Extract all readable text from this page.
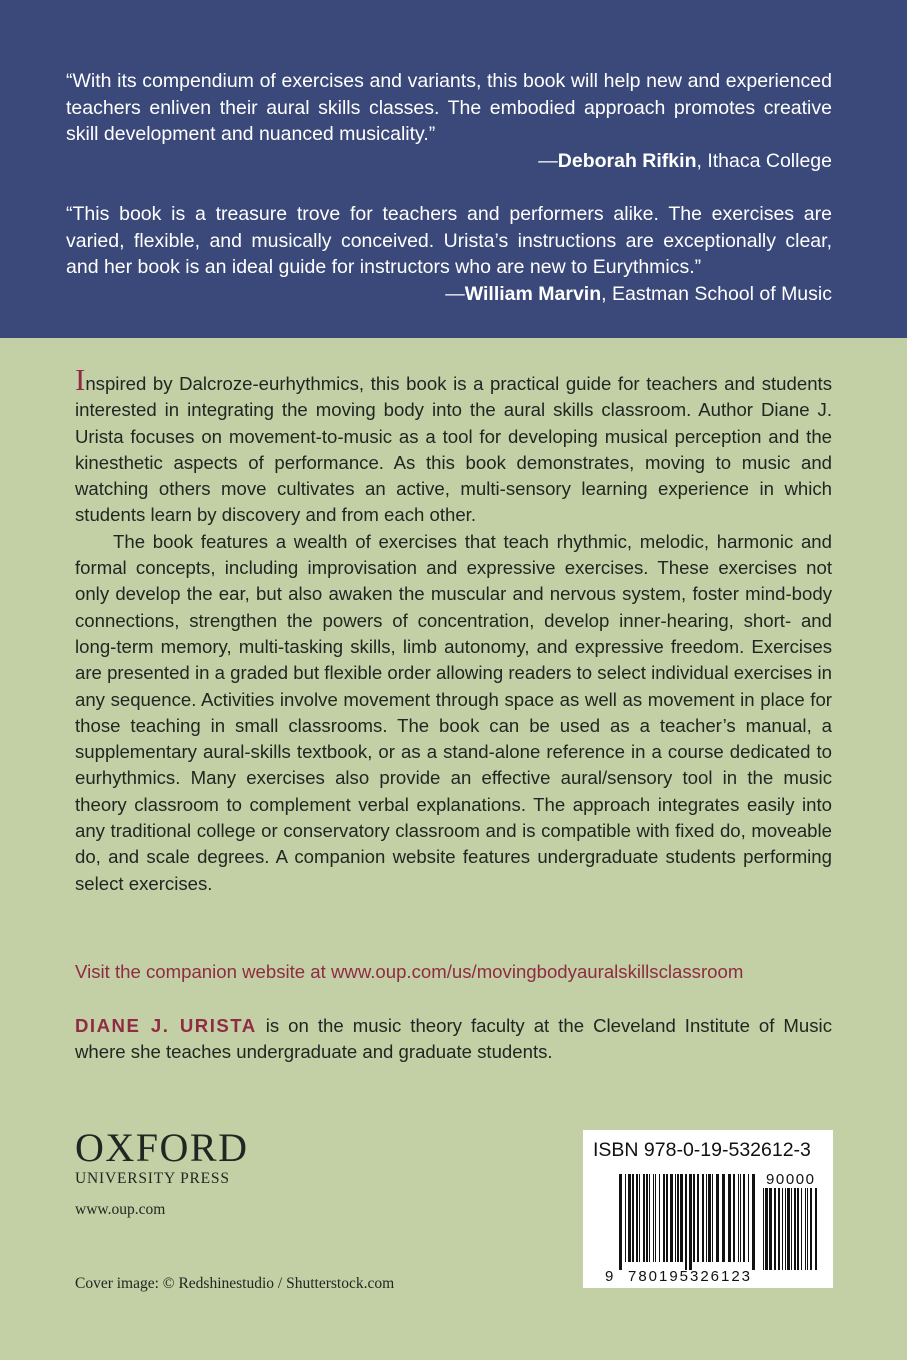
“With its compendium of exercises and variants, this book will help new and experienced teachers enliven their aural skills classes. The embodied approach promotes creative skill development and nuanced musicality.”

—Deborah Rifkin, Ithaca College

“This book is a treasure trove for teachers and performers alike. The exercises are varied, flexible, and musically conceived. Urista’s instructions are exceptionally clear, and her book is an ideal guide for instructors who are new to Eurythmics.”

—William Marvin, Eastman School of Music

Inspired by Dalcroze-eurhythmics, this book is a practical guide for teachers and students interested in integrating the moving body into the aural skills classroom. Author Diane J. Urista focuses on movement-to-music as a tool for developing musical perception and the kinesthetic aspects of performance. As this book demonstrates, moving to music and watching others move cultivates an active, multi-sensory learning experience in which students learn by discovery and from each other.

The book features a wealth of exercises that teach rhythmic, melodic, harmonic and formal concepts, including improvisation and expressive exercises. These exercises not only develop the ear, but also awaken the muscular and nervous system, foster mind-body connections, strengthen the powers of concentration, develop inner-hearing, short- and long-term memory, multi-tasking skills, limb autonomy, and expressive freedom. Exercises are presented in a graded but flexible order allowing readers to select individual exercises in any sequence. Activities involve movement through space as well as movement in place for those teaching in small classrooms. The book can be used as a teacher’s manual, a supplementary aural-skills textbook, or as a stand-alone reference in a course dedicated to eurhythmics. Many exercises also provide an effective aural/sensory tool in the music theory classroom to complement verbal explanations. The approach integrates easily into any traditional college or conservatory classroom and is compatible with fixed do, moveable do, and scale degrees. A companion website features undergraduate students performing select exercises.

Visit the companion website at www.oup.com/us/movingbodyauralskillsclassroom
DIANE J. URISTA is on the music theory faculty at the Cleveland Institute of Music where she teaches undergraduate and graduate students.
OXFORD
UNIVERSITY PRESS
www.oup.com
Cover image: © Redshinestudio / Shutterstock.com
ISBN 978-0-19-532612-3
9 780195326123
90000
